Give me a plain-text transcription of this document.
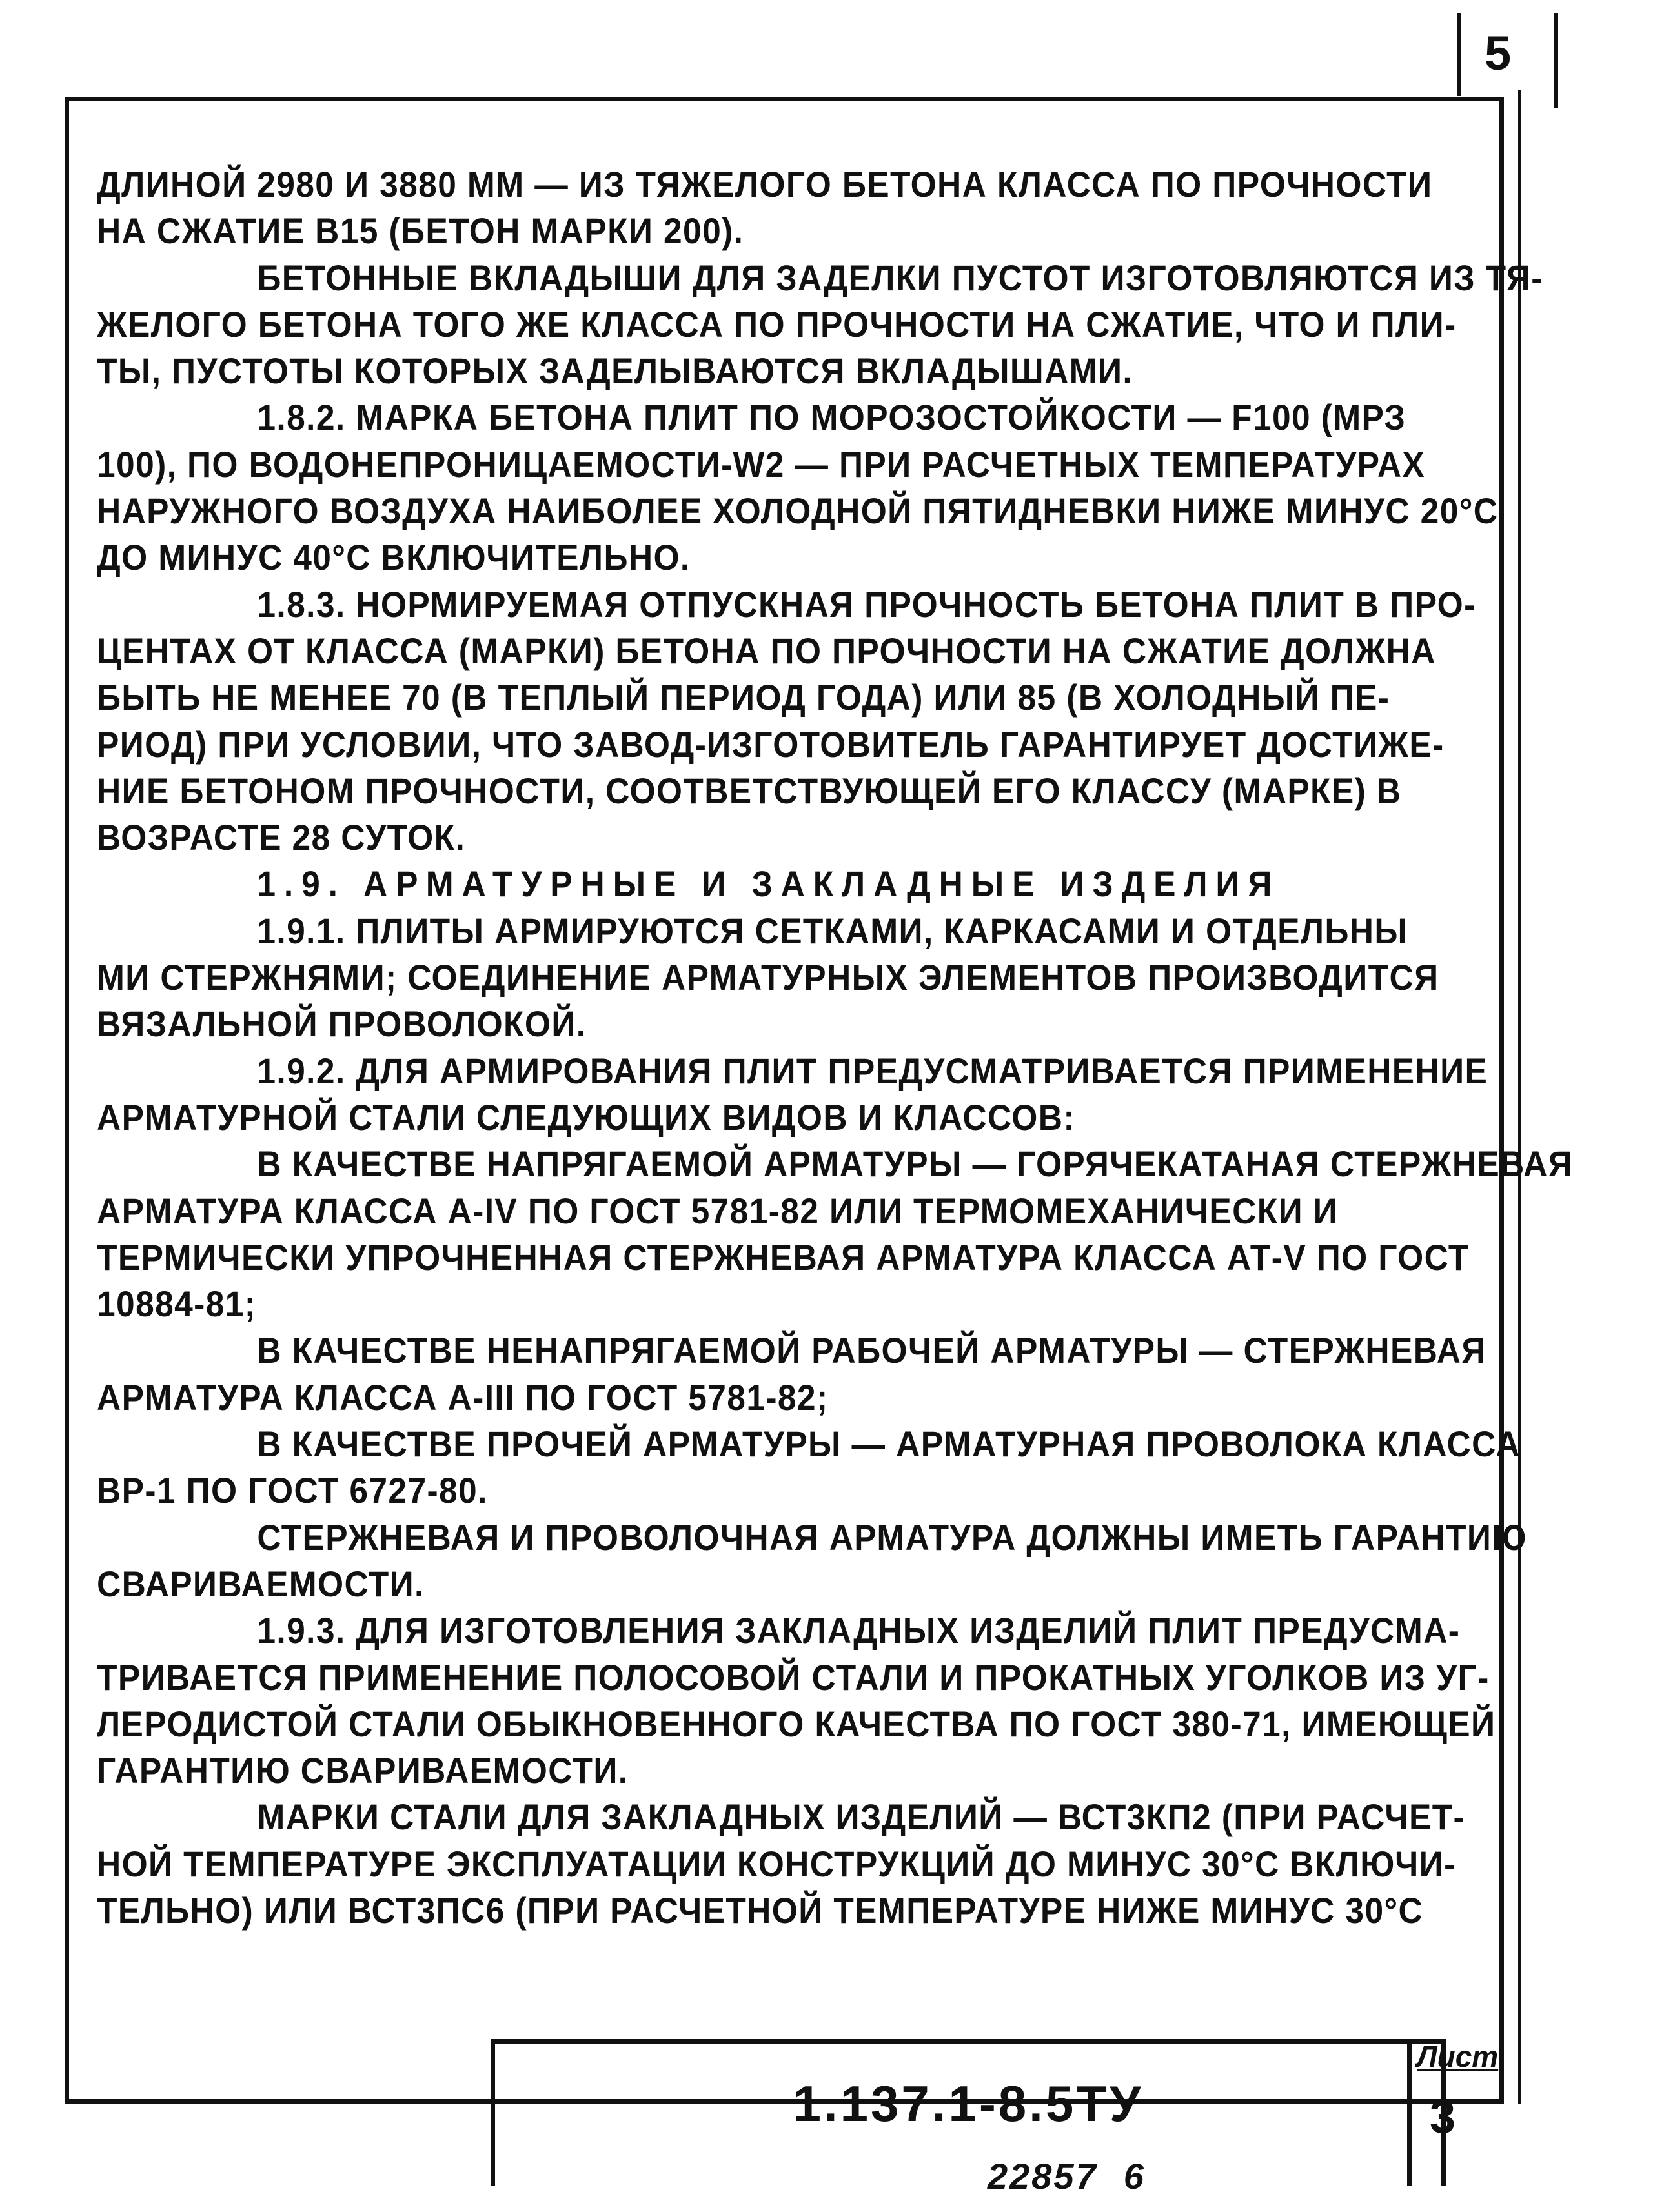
5
ДЛИНОЙ 2980 И 3880 ММ — ИЗ ТЯЖЕЛОГО БЕТОНА КЛАССА ПО ПРОЧНОСТИ
НА СЖАТИЕ В15 (БЕТОН МАРКИ 200).
БЕТОННЫЕ ВКЛАДЫШИ ДЛЯ ЗАДЕЛКИ ПУСТОТ ИЗГОТОВЛЯЮТСЯ ИЗ ТЯ-
ЖЕЛОГО БЕТОНА ТОГО ЖЕ КЛАССА ПО ПРОЧНОСТИ НА СЖАТИЕ, ЧТО И ПЛИ-
ТЫ, ПУСТОТЫ КОТОРЫХ ЗАДЕЛЫВАЮТСЯ ВКЛАДЫШАМИ.
1.8.2. МАРКА БЕТОНА ПЛИТ ПО МОРОЗОСТОЙКОСТИ — F100 (МРЗ
100), ПО ВОДОНЕПРОНИЦАЕМОСТИ-W2 — ПРИ РАСЧЕТНЫХ ТЕМПЕРАТУРАХ
НАРУЖНОГО ВОЗДУХА НАИБОЛЕЕ ХОЛОДНОЙ ПЯТИДНЕВКИ НИЖЕ МИНУС 20°С
ДО МИНУС 40°С ВКЛЮЧИТЕЛЬНО.
1.8.3. НОРМИРУЕМАЯ ОТПУСКНАЯ ПРОЧНОСТЬ БЕТОНА ПЛИТ В ПРО-
ЦЕНТАХ ОТ КЛАССА (МАРКИ) БЕТОНА ПО ПРОЧНОСТИ НА СЖАТИЕ ДОЛЖНА
БЫТЬ НЕ МЕНЕЕ 70 (В ТЕПЛЫЙ ПЕРИОД ГОДА) ИЛИ 85 (В ХОЛОДНЫЙ ПЕ-
РИОД) ПРИ УСЛОВИИ, ЧТО ЗАВОД-ИЗГОТОВИТЕЛЬ ГАРАНТИРУЕТ ДОСТИЖЕ-
НИЕ БЕТОНОМ ПРОЧНОСТИ, СООТВЕТСТВУЮЩЕЙ ЕГО КЛАССУ (МАРКЕ) В
ВОЗРАСТЕ 28 СУТОК.
1.9. АРМАТУРНЫЕ И ЗАКЛАДНЫЕ ИЗДЕЛИЯ
1.9.1. ПЛИТЫ АРМИРУЮТСЯ СЕТКАМИ, КАРКАСАМИ И ОТДЕЛЬНЫ
МИ СТЕРЖНЯМИ; СОЕДИНЕНИЕ АРМАТУРНЫХ ЭЛЕМЕНТОВ ПРОИЗВОДИТСЯ
ВЯЗАЛЬНОЙ ПРОВОЛОКОЙ.
1.9.2. ДЛЯ АРМИРОВАНИЯ ПЛИТ ПРЕДУСМАТРИВАЕТСЯ ПРИМЕНЕНИЕ
АРМАТУРНОЙ СТАЛИ СЛЕДУЮЩИХ ВИДОВ И КЛАССОВ:
В КАЧЕСТВЕ НАПРЯГАЕМОЙ АРМАТУРЫ — ГОРЯЧЕКАТАНАЯ СТЕРЖНЕВАЯ
АРМАТУРА КЛАССА А-IV ПО ГОСТ 5781-82 ИЛИ ТЕРМОМЕХАНИЧЕСКИ И
ТЕРМИЧЕСКИ УПРОЧНЕННАЯ СТЕРЖНЕВАЯ АРМАТУРА КЛАССА АТ-V ПО ГОСТ
10884-81;
В КАЧЕСТВЕ НЕНАПРЯГАЕМОЙ РАБОЧЕЙ АРМАТУРЫ — СТЕРЖНЕВАЯ
АРМАТУРА КЛАССА А-III ПО ГОСТ 5781-82;
В КАЧЕСТВЕ ПРОЧЕЙ АРМАТУРЫ — АРМАТУРНАЯ ПРОВОЛОКА КЛАССА
ВР-1 ПО ГОСТ 6727-80.
СТЕРЖНЕВАЯ И ПРОВОЛОЧНАЯ АРМАТУРА ДОЛЖНЫ ИМЕТЬ ГАРАНТИЮ
СВАРИВАЕМОСТИ.
1.9.3. ДЛЯ ИЗГОТОВЛЕНИЯ ЗАКЛАДНЫХ ИЗДЕЛИЙ ПЛИТ ПРЕДУСМА-
ТРИВАЕТСЯ ПРИМЕНЕНИЕ ПОЛОСОВОЙ СТАЛИ И ПРОКАТНЫХ УГОЛКОВ ИЗ УГ-
ЛЕРОДИСТОЙ СТАЛИ ОБЫКНОВЕННОГО КАЧЕСТВА ПО ГОСТ 380-71, ИМЕЮЩЕЙ
ГАРАНТИЮ СВАРИВАЕМОСТИ.
МАРКИ СТАЛИ ДЛЯ ЗАКЛАДНЫХ ИЗДЕЛИЙ — ВСТ3КП2 (ПРИ РАСЧЕТ-
НОЙ ТЕМПЕРАТУРЕ ЭКСПЛУАТАЦИИ КОНСТРУКЦИЙ ДО МИНУС 30°С ВКЛЮЧИ-
ТЕЛЬНО) ИЛИ ВСТ3ПС6 (ПРИ РАСЧЕТНОЙ ТЕМПЕРАТУРЕ НИЖЕ МИНУС 30°С
1.137.1-8.5ТУ
Лист
3
22857 6
